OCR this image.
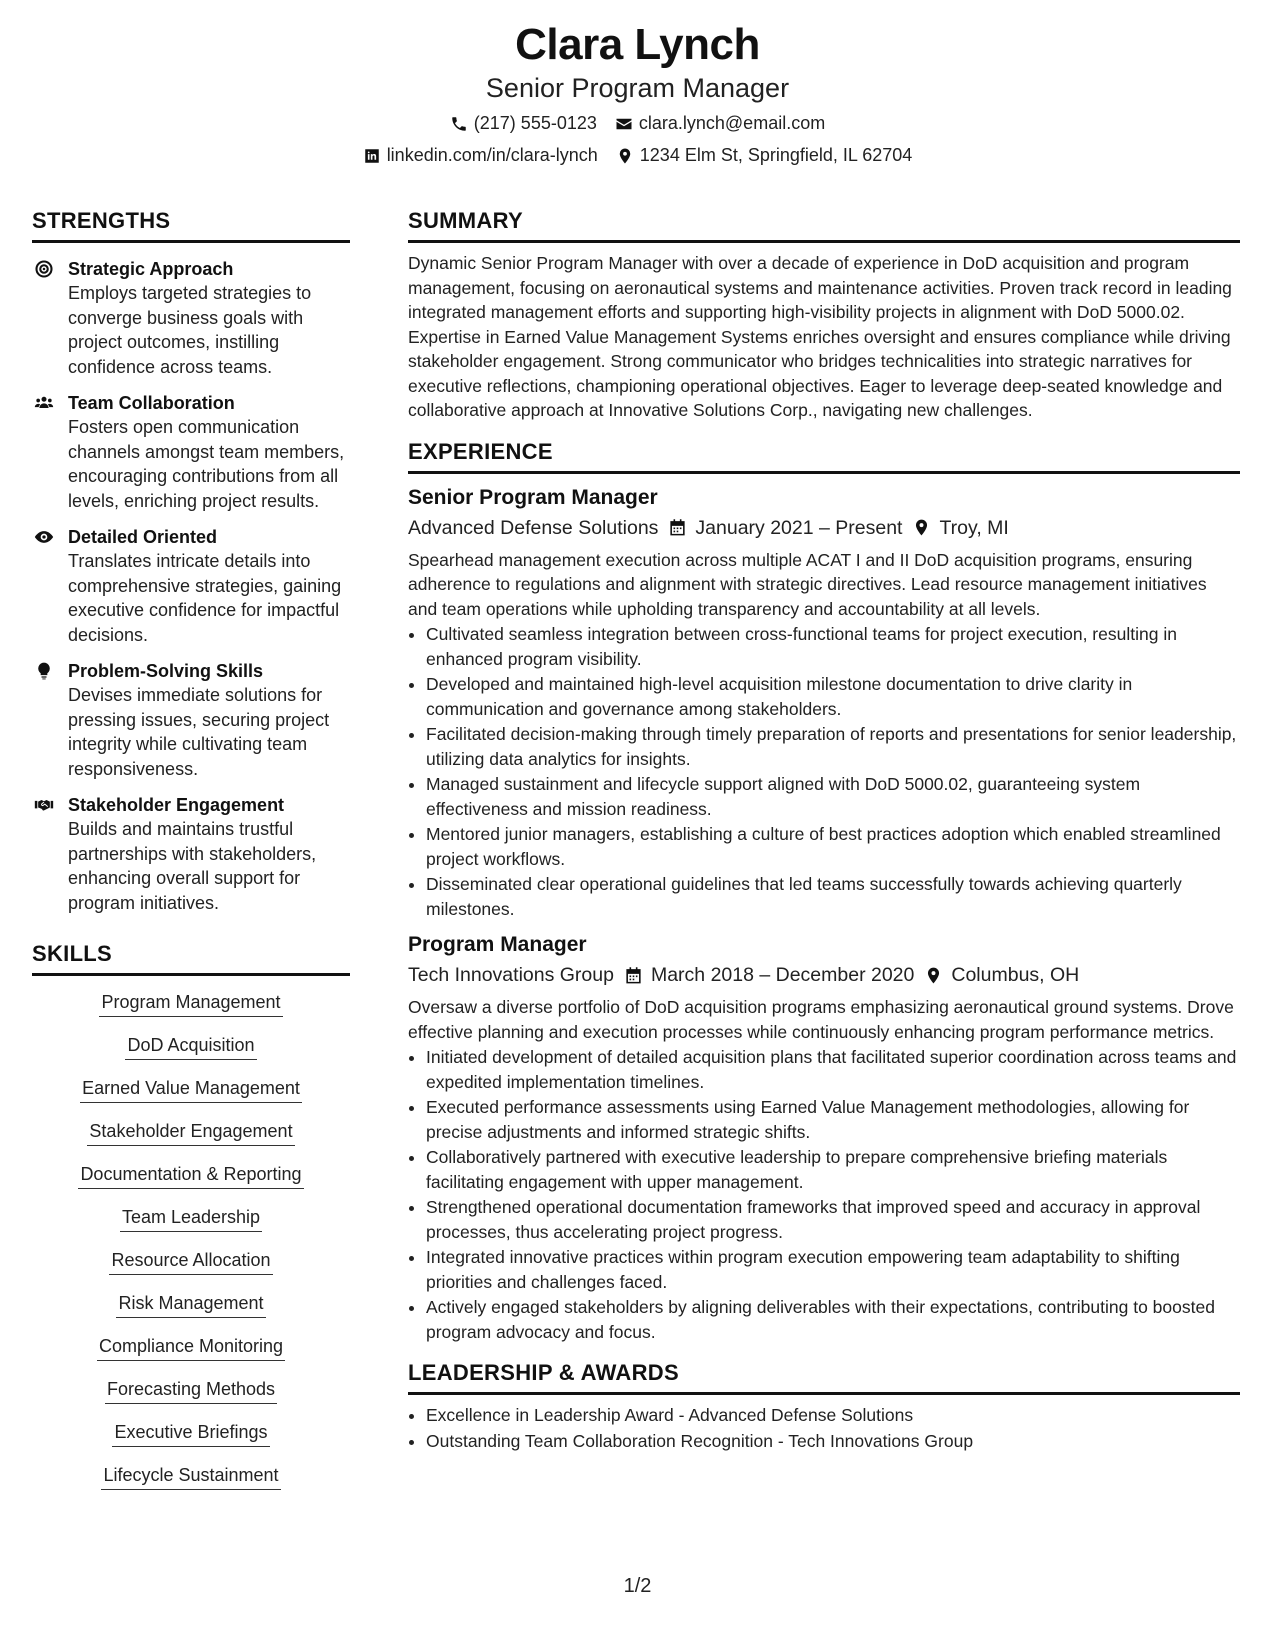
Clara Lynch
Senior Program Manager
(217) 555-0123 clara.lynch@email.com
linkedin.com/in/clara-lynch 1234 Elm St, Springfield, IL 62704
STRENGTHS
Strategic Approach
Employs targeted strategies to converge business goals with project outcomes, instilling confidence across teams.
Team Collaboration
Fosters open communication channels amongst team members, encouraging contributions from all levels, enriching project results.
Detailed Oriented
Translates intricate details into comprehensive strategies, gaining executive confidence for impactful decisions.
Problem-Solving Skills
Devises immediate solutions for pressing issues, securing project integrity while cultivating team responsiveness.
Stakeholder Engagement
Builds and maintains trustful partnerships with stakeholders, enhancing overall support for program initiatives.
SKILLS
Program Management
DoD Acquisition
Earned Value Management
Stakeholder Engagement
Documentation & Reporting
Team Leadership
Resource Allocation
Risk Management
Compliance Monitoring
Forecasting Methods
Executive Briefings
Lifecycle Sustainment
SUMMARY

Dynamic Senior Program Manager with over a decade of experience in DoD acquisition and program management, focusing on aeronautical systems and maintenance activities. Proven track record in leading integrated management efforts and supporting high-visibility projects in alignment with DoD 5000.02. Expertise in Earned Value Management Systems enriches oversight and ensures compliance while driving stakeholder engagement. Strong communicator who bridges technicalities into strategic narratives for executive reflections, championing operational objectives. Eager to leverage deep-seated knowledge and collaborative approach at Innovative Solutions Corp., navigating new challenges.

EXPERIENCE
Senior Program Manager
Advanced Defense Solutions January 2021 – Present Troy, MI

Spearhead management execution across multiple ACAT I and II DoD acquisition programs, ensuring adherence to regulations and alignment with strategic directives. Lead resource management initiatives and team operations while upholding transparency and accountability at all levels.

• Cultivated seamless integration between cross-functional teams for project execution, resulting in enhanced program visibility.
• Developed and maintained high-level acquisition milestone documentation to drive clarity in communication and governance among stakeholders.
• Facilitated decision-making through timely preparation of reports and presentations for senior leadership, utilizing data analytics for insights.
• Managed sustainment and lifecycle support aligned with DoD 5000.02, guaranteeing system effectiveness and mission readiness.
• Mentored junior managers, establishing a culture of best practices adoption which enabled streamlined project workflows.
• Disseminated clear operational guidelines that led teams successfully towards achieving quarterly milestones.
Program Manager
Tech Innovations Group March 2018 – December 2020 Columbus, OH

Oversaw a diverse portfolio of DoD acquisition programs emphasizing aeronautical ground systems. Drove effective planning and execution processes while continuously enhancing program performance metrics.

• Initiated development of detailed acquisition plans that facilitated superior coordination across teams and expedited implementation timelines.
• Executed performance assessments using Earned Value Management methodologies, allowing for precise adjustments and informed strategic shifts.
• Collaboratively partnered with executive leadership to prepare comprehensive briefing materials facilitating engagement with upper management.
• Strengthened operational documentation frameworks that improved speed and accuracy in approval processes, thus accelerating project progress.
• Integrated innovative practices within program execution empowering team adaptability to shifting priorities and challenges faced.
• Actively engaged stakeholders by aligning deliverables with their expectations, contributing to boosted program advocacy and focus.
LEADERSHIP & AWARDS
• Excellence in Leadership Award - Advanced Defense Solutions
• Outstanding Team Collaboration Recognition - Tech Innovations Group
1/2
